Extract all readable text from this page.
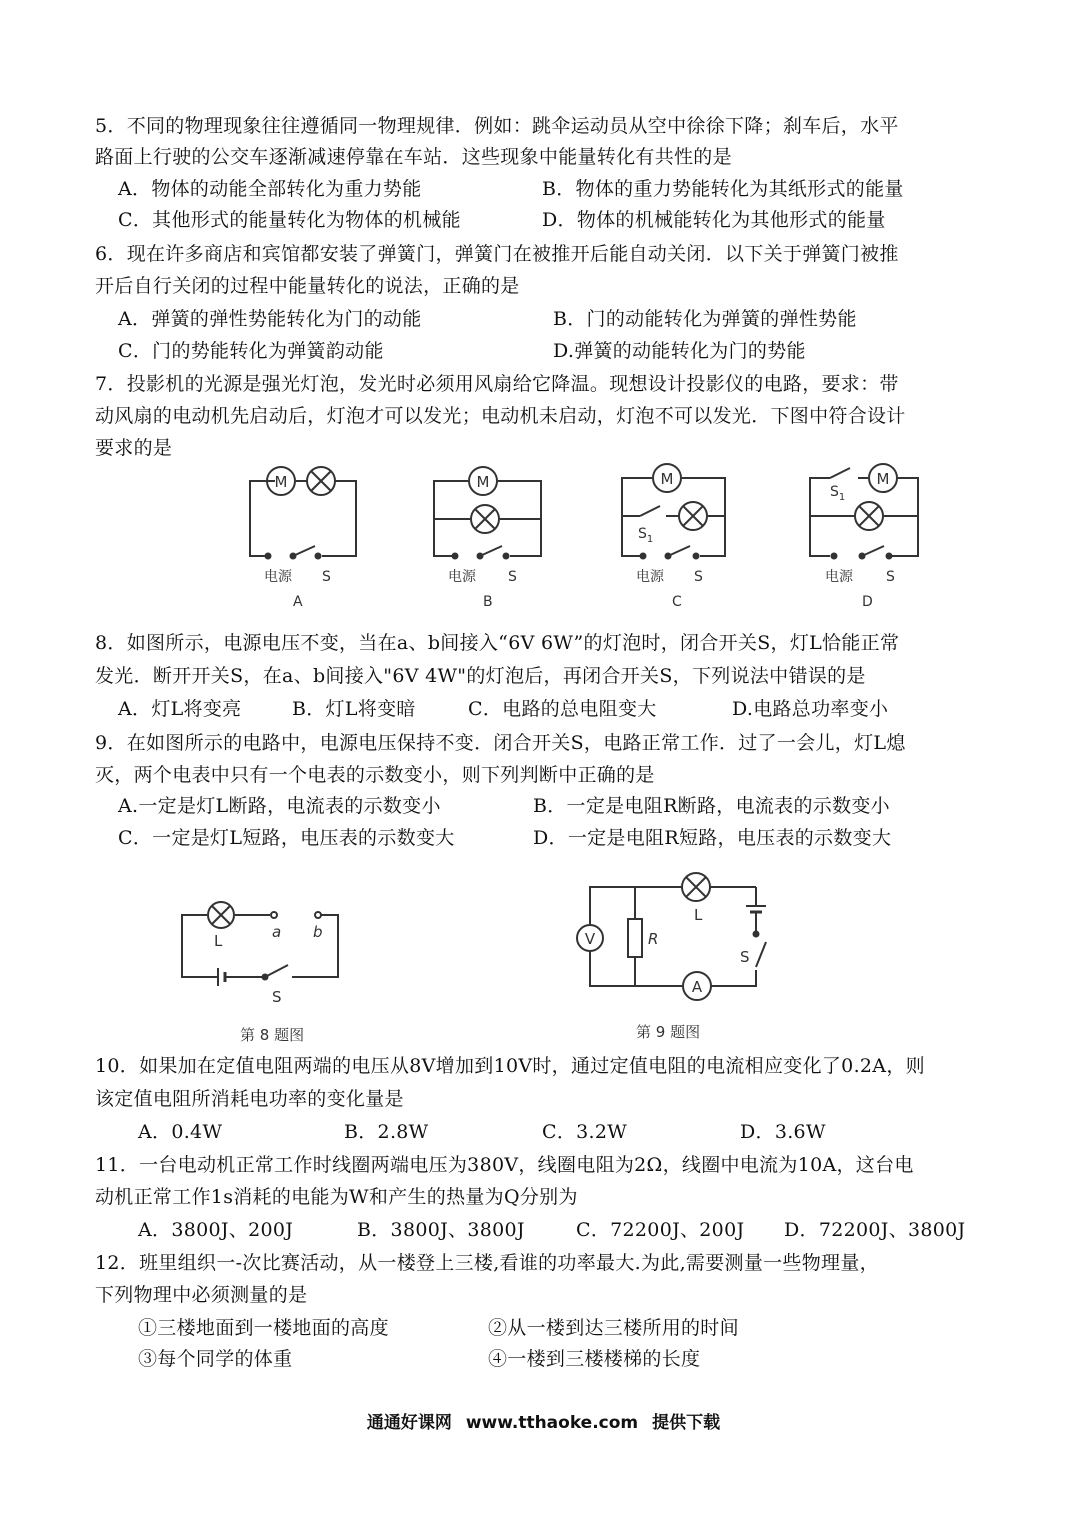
5．不同的物理现象往往遵循同一物理规律．例如：跳伞运动员从空中徐徐下降；刹车后，水平
路面上行驶的公交车逐渐减速停靠在车站．这些现象中能量转化有共性的是
A．物体的动能全部转化为重力势能	B．物体的重力势能转化为其纸形式的能量
C．其他形式的能量转化为物体的机械能	D．物体的机械能转化为其他形式的能量
6．现在许多商店和宾馆都安装了弹簧门，弹簧门在被推开后能自动关闭．以下关于弹簧门被推
开后自行关闭的过程中能量转化的说法，正确的是
A．弹簧的弹性势能转化为门的动能	B．门的动能转化为弹簧的弹性势能
C．门的势能转化为弹簧韵动能	D.弹簧的动能转化为门的势能
7．投影机的光源是强光灯泡，发光时必须用风扇给它降温。现想设计投影仪的电路，要求：带
动风扇的电动机先启动后，灯泡才可以发光；电动机未启动，灯泡不可以发光．下图中符合设计
要求的是
M
电源 S
A
M
电源 S
B
M
$S_1$
电源 S
C
M
$S_1$
电源 S
D
8．如图所示，电源电压不变，当在a、b间接入“6V 6W”的灯泡时，闭合开关S，灯L恰能正常
发光．断开开关S，在a、b间接入"6V 4W"的灯泡后，再闭合开关S，下列说法中错误的是
A．灯L将变亮	B．灯L将变暗	C．电路的总电阻变大	D.电路总功率变小
9．在如图所示的电路中，电源电压保持不变．闭合开关S，电路正常工作．过了一会儿，灯L熄
灭，两个电表中只有一个电表的示数变小，则下列判断中正确的是
A.一定是灯L断路，电流表的示数变小	B．一定是电阻R断路，电流表的示数变小
C．一定是灯L短路，电压表的示数变大	D．一定是电阻R短路，电压表的示数变大
L	a b
S
第 8 题图
V	R
A
L
S
第 9 题图
10．如果加在定值电阻两端的电压从8V增加到10V时，通过定值电阻的电流相应变化了0.2A，则
该定值电阻所消耗电功率的变化量是
A．0.4W	B．2.8W	C．3.2W	D．3.6W
11．一台电动机正常工作时线圈两端电压为380V，线圈电阻为2Ω，线圈中电流为10A，这台电
动机正常工作1s消耗的电能为W和产生的热量为Q分别为
A．3800J、200J	B．3800J、3800J	C．72200J、200J D．72200J、3800J
12．班里组织一-次比赛活动，从一楼登上三楼,看谁的功率最大.为此,需要测量一些物理量，
下列物理中必须测量的是
①三楼地面到一楼地面的高度	②从一楼到达三楼所用的时间
③每个同学的体重	④一楼到三楼楼梯的长度
通通好课网 www.tthaoke.com 提供下载
